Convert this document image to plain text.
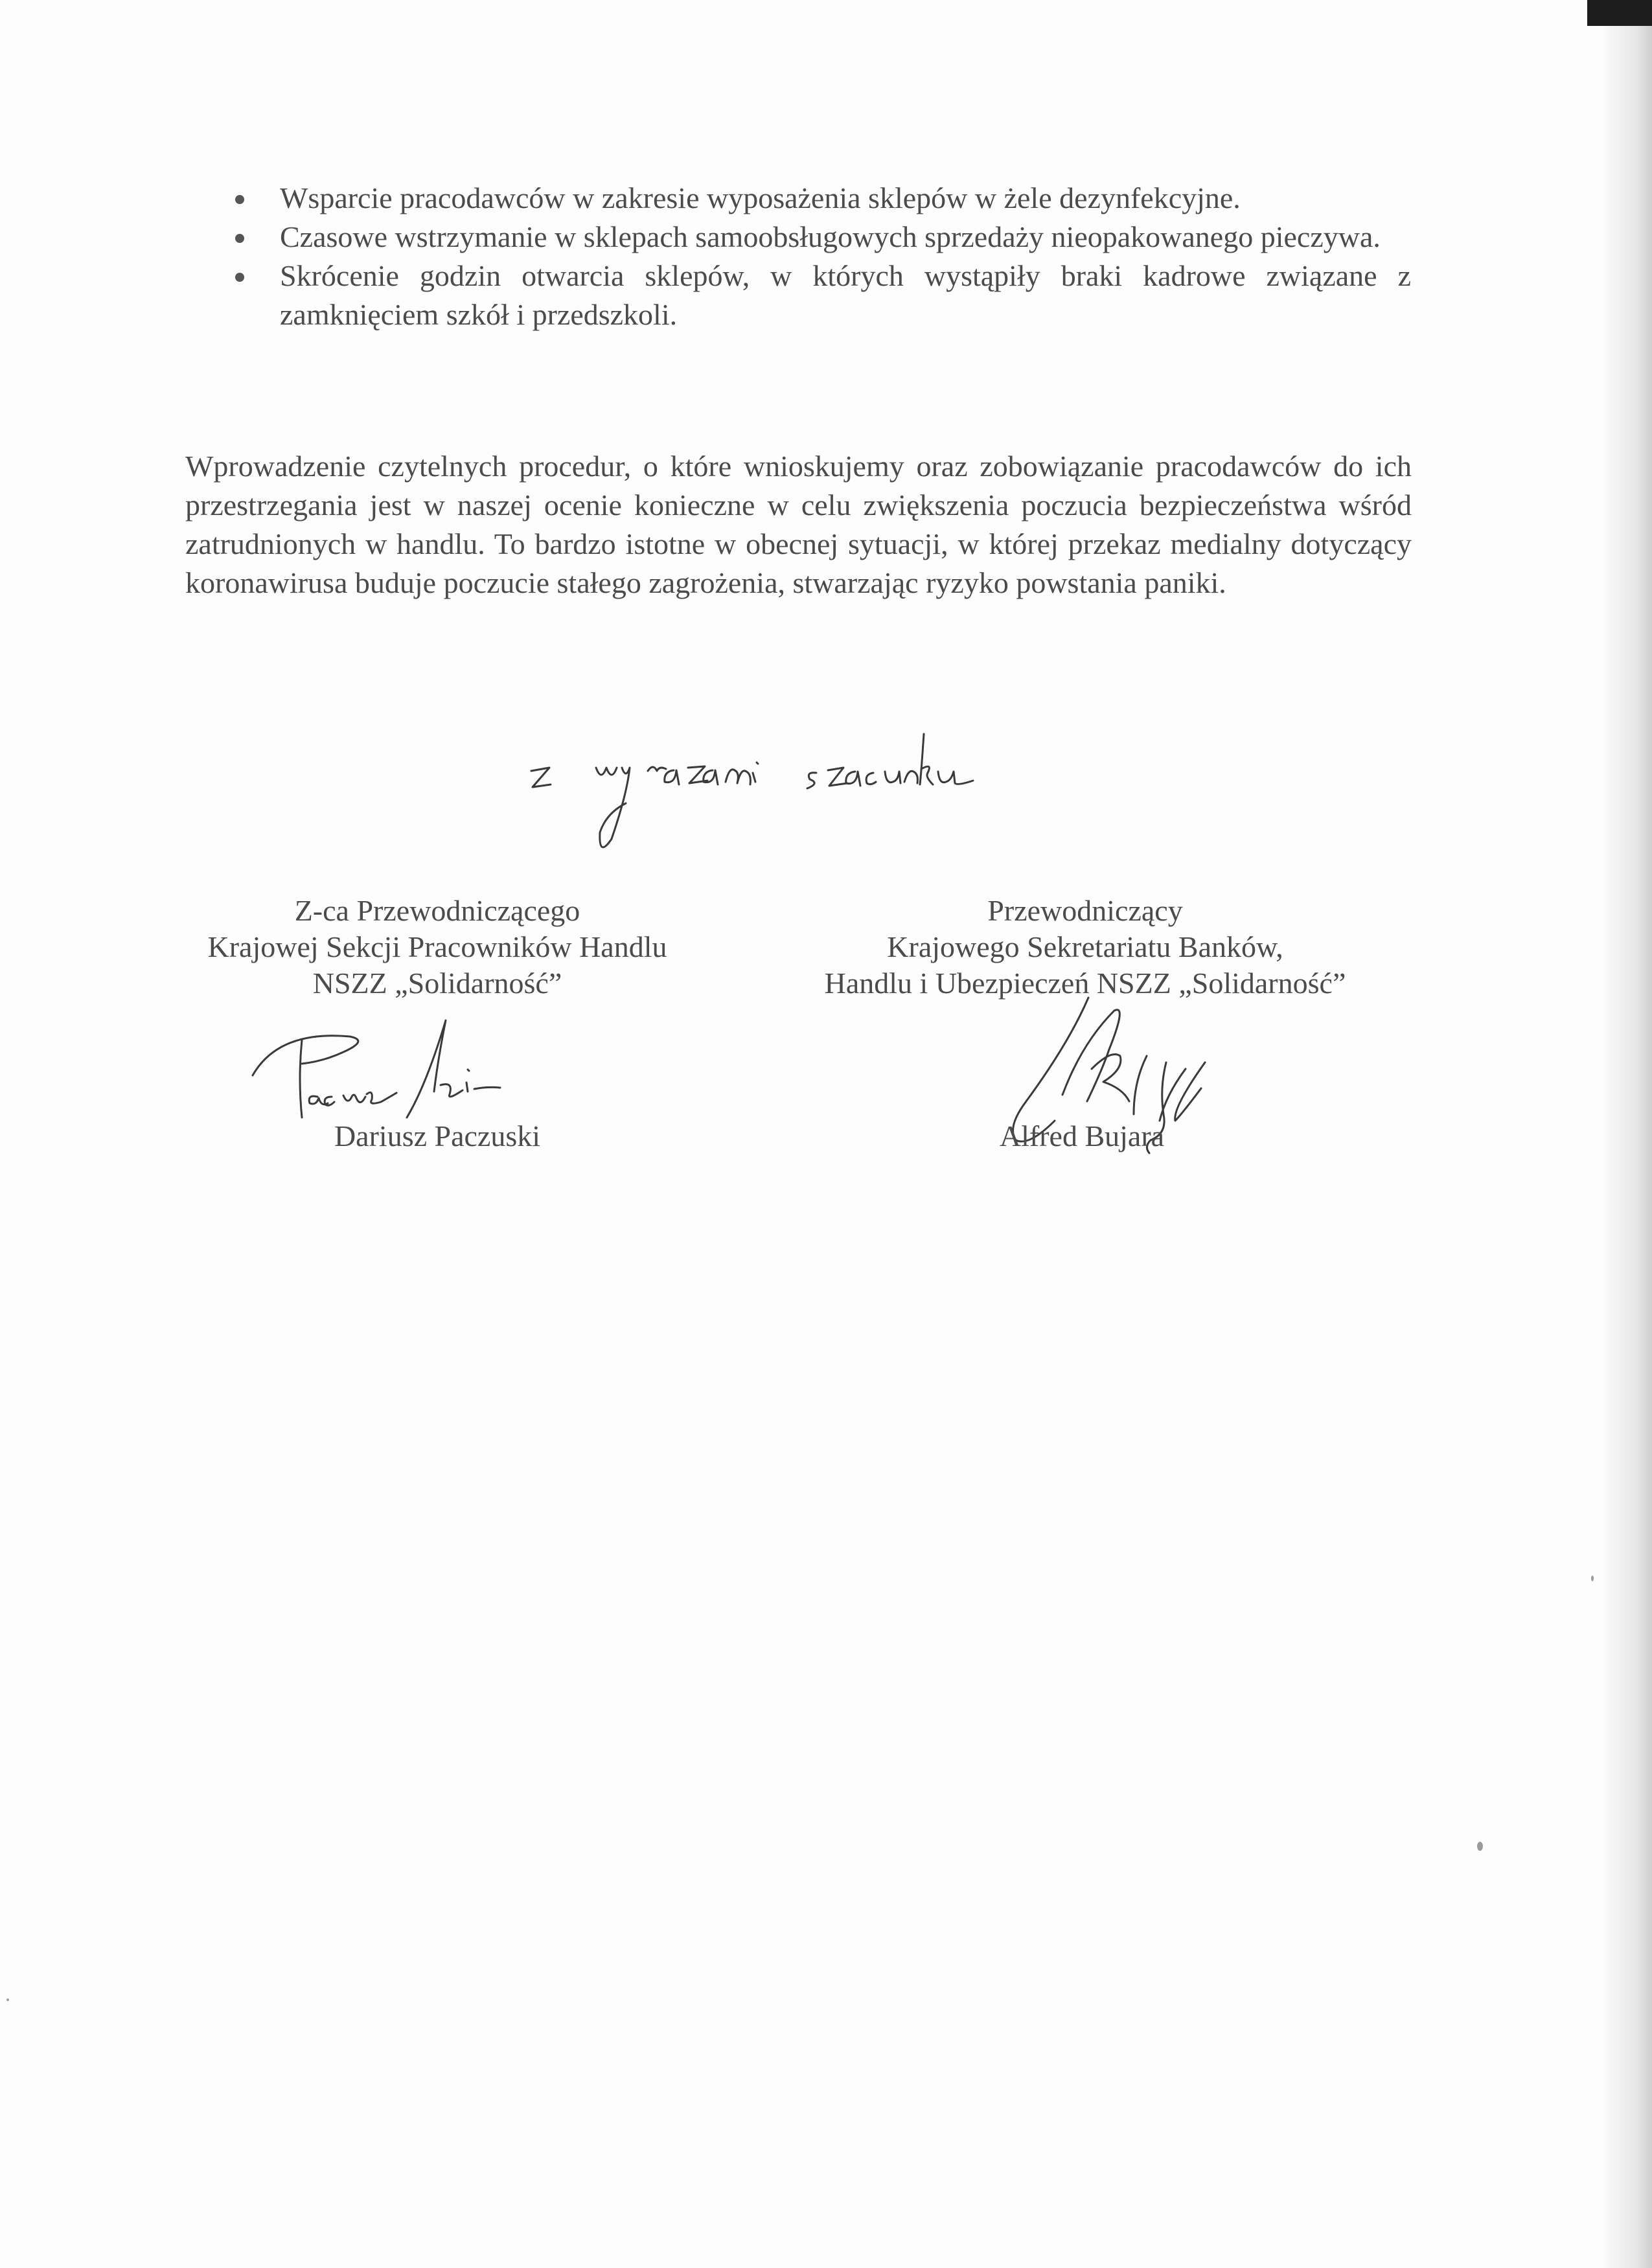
Wsparcie pracodawców w zakresie wyposażenia sklepów w żele dezynfekcyjne.
Czasowe wstrzymanie w sklepach samoobsługowych sprzedaży nieopakowanego pieczywa.
Skrócenie godzin otwarcia sklepów, w których wystąpiły braki kadrowe związane z zamknięciem szkół i przedszkoli.

Wprowadzenie czytelnych procedur, o które wnioskujemy oraz zobowiązanie pracodawców do ich przestrzegania jest w naszej ocenie konieczne w celu zwiększenia poczucia bezpieczeństwa wśród zatrudnionych w handlu. To bardzo istotne w obecnej sytuacji, w której przekaz medialny dotyczący koronawirusa buduje poczucie stałego zagrożenia, stwarzając ryzyko powstania paniki.

Z-ca Przewodniczącego
Krajowej Sekcji Pracowników Handlu
NSZZ „Solidarność”
Przewodniczący
Krajowego Sekretariatu Banków,
Handlu i Ubezpieczeń NSZZ „Solidarność”
Dariusz Paczuski	Alfred Bujara
